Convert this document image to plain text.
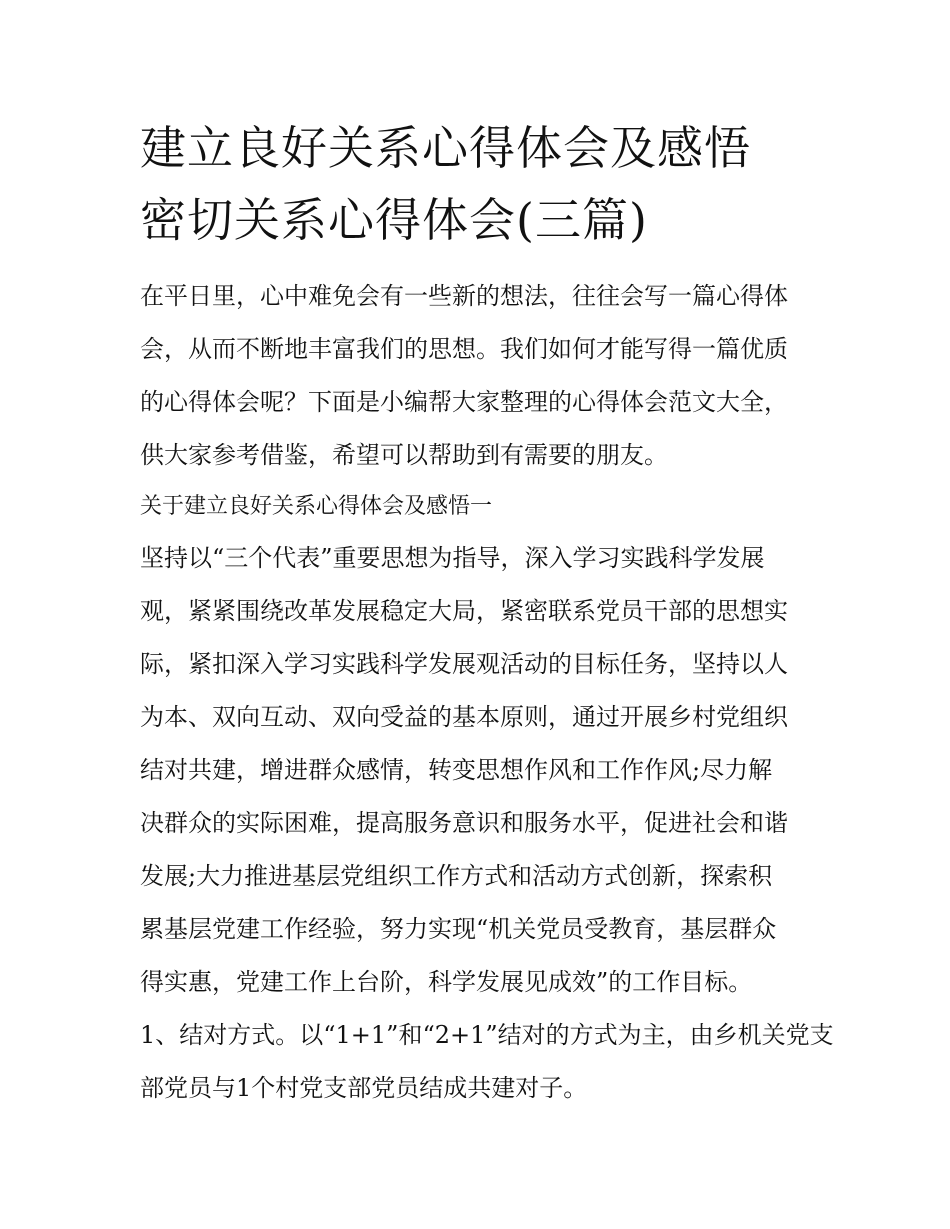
建立良好关系心得体会及感悟
密切关系心得体会(三篇)

在平日里，心中难免会有一些新的想法，往往会写一篇心得体
会，从而不断地丰富我们的思想。我们如何才能写得一篇优质
的心得体会呢？下面是小编帮大家整理的心得体会范文大全，
供大家参考借鉴，希望可以帮助到有需要的朋友。

关于建立良好关系心得体会及感悟一

坚持以“三个代表”重要思想为指导，深入学习实践科学发展
观，紧紧围绕改革发展稳定大局，紧密联系党员干部的思想实
际，紧扣深入学习实践科学发展观活动的目标任务，坚持以人
为本、双向互动、双向受益的基本原则，通过开展乡村党组织
结对共建，增进群众感情，转变思想作风和工作作风;尽力解
决群众的实际困难，提高服务意识和服务水平，促进社会和谐
发展;大力推进基层党组织工作方式和活动方式创新，探索积
累基层党建工作经验，努力实现“机关党员受教育，基层群众
得实惠，党建工作上台阶，科学发展见成效”的工作目标。

1、结对方式。以“1+1”和“2+1”结对的方式为主，由乡机关党支
部党员与1个村党支部党员结成共建对子。
